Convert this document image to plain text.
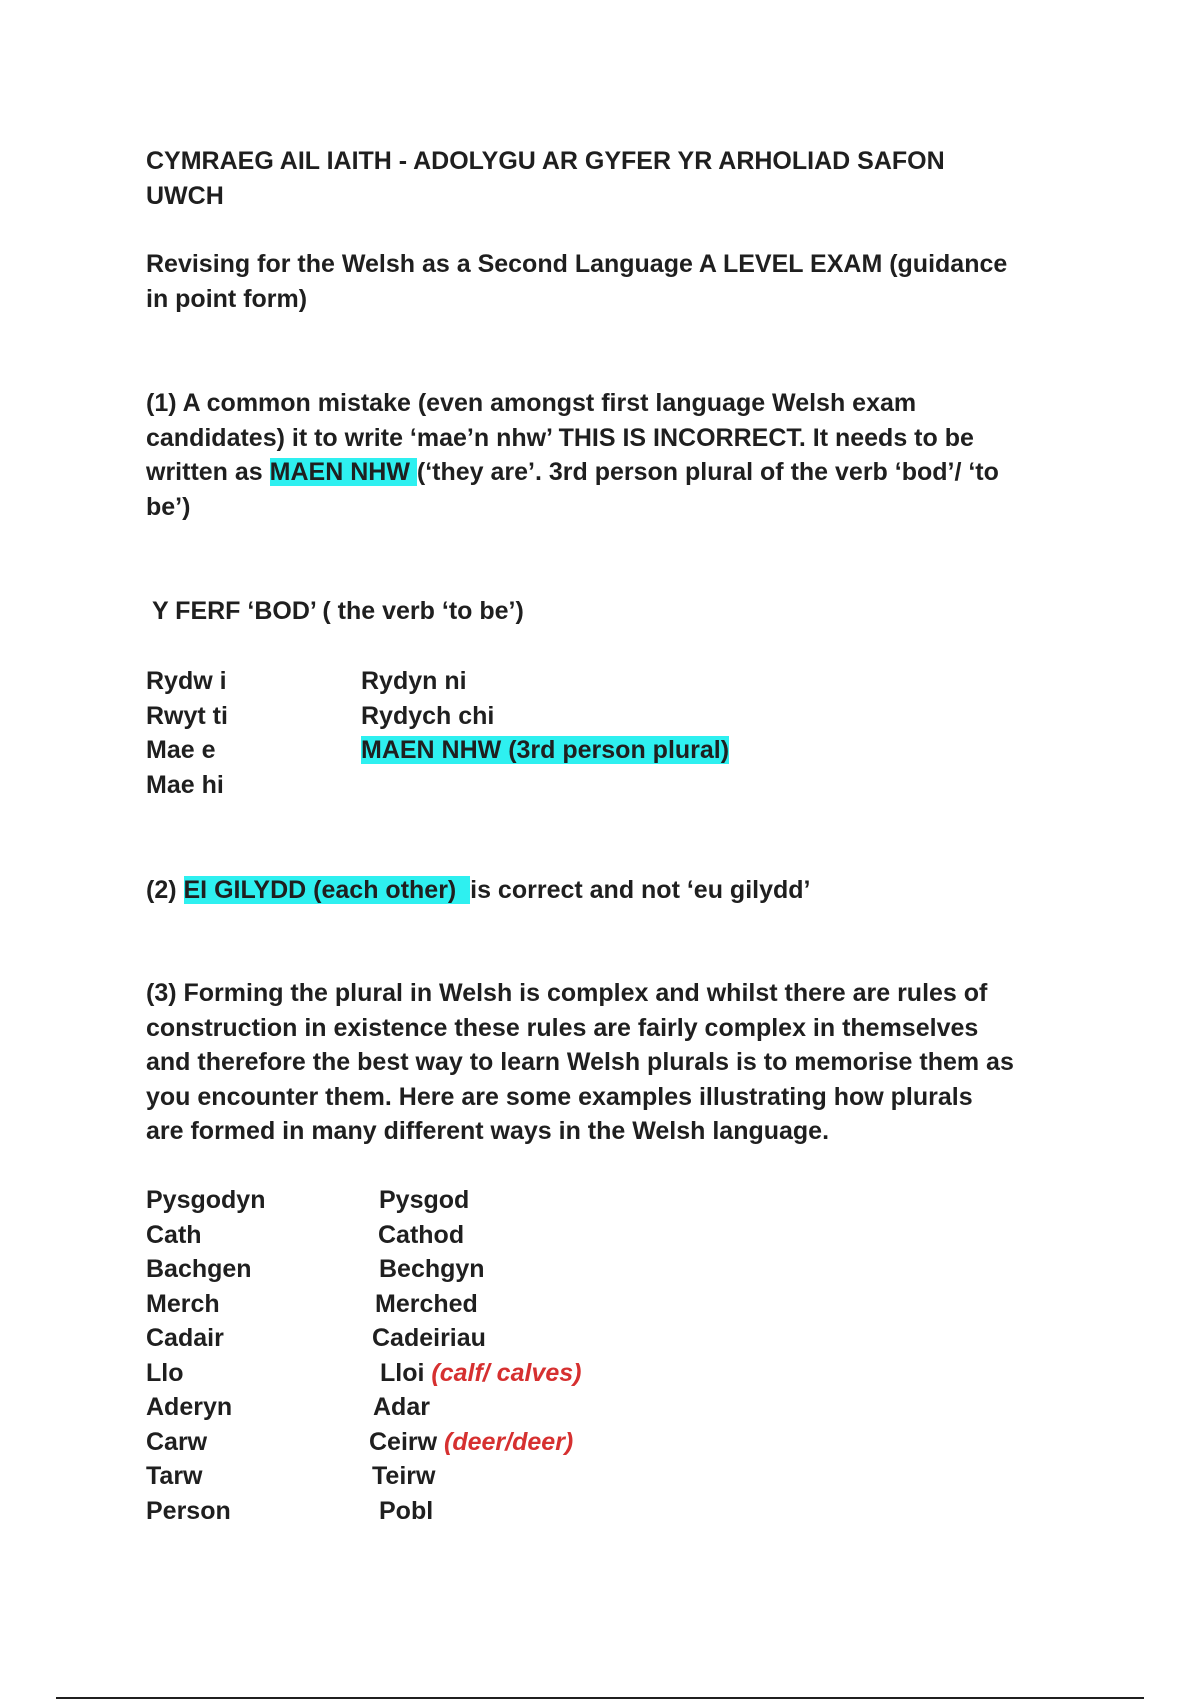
CYMRAEG AIL IAITH - ADOLYGU AR GYFER YR ARHOLIAD SAFON
UWCH
Revising for the Welsh as a Second Language A LEVEL EXAM (guidance
in point form)
(1) A common mistake (even amongst first language Welsh exam
candidates) it to write ‘mae’n nhw’ THIS IS INCORRECT. It needs to be
written as MAEN NHW (‘they are’. 3rd person plural of the verb ‘bod’/ ‘to
be’)
Y FERF ‘BOD’ ( the verb ‘to be’)
Rydw i
Rwyt ti
Mae e
Mae hi
Rydyn ni
Rydych chi
MAEN NHW (3rd person plural)
(2) EI GILYDD (each other)  is correct and not ‘eu gilydd’
(3) Forming the plural in Welsh is complex and whilst there are rules of
construction in existence these rules are fairly complex in themselves
and therefore the best way to learn Welsh plurals is to memorise them as
you encounter them. Here are some examples illustrating how plurals
are formed in many different ways in the Welsh language.
Pysgodyn
Cath
Bachgen
Merch
Cadair
Llo
Aderyn
Carw
Tarw
Person
Pysgod
Cathod
Bechgyn
Merched
Cadeiriau
Lloi (calf/ calves)
Adar
Ceirw (deer/deer)
Teirw
Pobl
